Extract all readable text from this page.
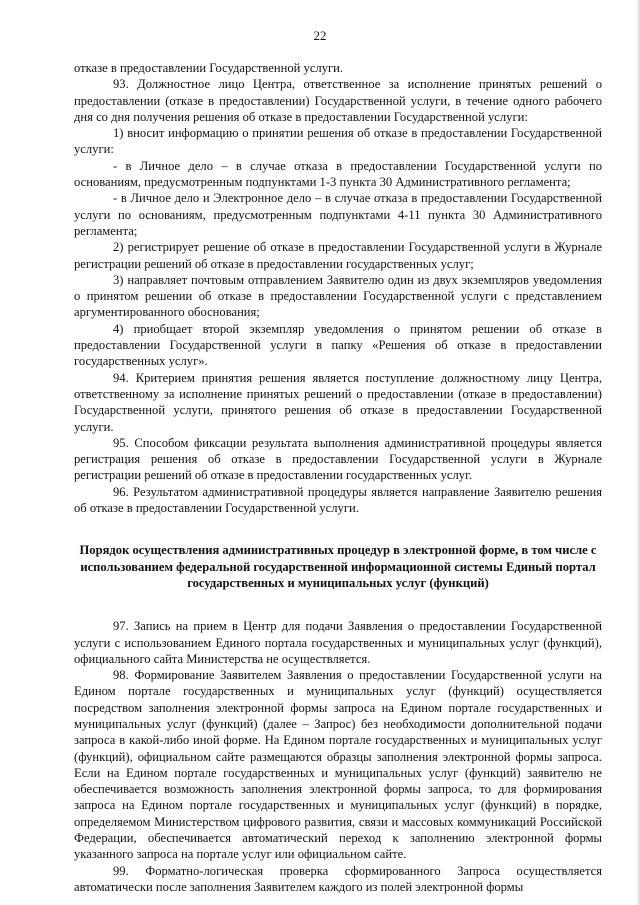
22

отказе в предоставлении Государственной услуги.

93. Должностное лицо Центра, ответственное за исполнение принятых решений о предоставлении (отказе в предоставлении) Государственной услуги, в течение одного рабочего дня со дня получения решения об отказе в предоставлении Государственной услуги:

1) вносит информацию о принятии решения об отказе в предоставлении Государственной услуги:

- в Личное дело – в случае отказа в предоставлении Государственной услуги по основаниям, предусмотренным подпунктами 1-3 пункта 30 Административного регламента;

- в Личное дело и Электронное дело – в случае отказа в предоставлении Государственной услуги по основаниям, предусмотренным подпунктами 4-11 пункта 30 Административного регламента;

2) регистрирует решение об отказе в предоставлении Государственной услуги в Журнале регистрации решений об отказе в предоставлении государственных услуг;

3) направляет почтовым отправлением Заявителю один из двух экземпляров уведомления о принятом решении об отказе в предоставлении Государственной услуги с представлением аргументированного обоснования;

4) приобщает второй экземпляр уведомления о принятом решении об отказе в предоставлении Государственной услуги в папку «Решения об отказе в предоставлении государственных услуг».

94. Критерием принятия решения является поступление должностному лицу Центра, ответственному за исполнение принятых решений о предоставлении (отказе в предоставлении) Государственной услуги, принятого решения об отказе в предоставлении Государственной услуги.

95. Способом фиксации результата выполнения административной процедуры является регистрация решения об отказе в предоставлении Государственной услуги в Журнале регистрации решений об отказе в предоставлении государственных услуг.

96. Результатом административной процедуры является направление Заявителю решения об отказе в предоставлении Государственной услуги.

Порядок осуществления административных процедур в электронной форме, в том числе с использованием федеральной государственной информационной системы Единый портал государственных и муниципальных услуг (функций)

97. Запись на прием в Центр для подачи Заявления о предоставлении Государственной услуги с использованием Единого портала государственных и муниципальных услуг (функций), официального сайта Министерства не осуществляется.

98. Формирование Заявителем Заявления о предоставлении Государственной услуги на Едином портале государственных и муниципальных услуг (функций) осуществляется посредством заполнения электронной формы запроса на Едином портале государственных и муниципальных услуг (функций) (далее – Запрос) без необходимости дополнительной подачи запроса в какой-либо иной форме. На Едином портале государственных и муниципальных услуг (функций), официальном сайте размещаются образцы заполнения электронной формы запроса. Если на Едином портале государственных и муниципальных услуг (функций) заявителю не обеспечивается возможность заполнения электронной формы запроса, то для формирования запроса на Едином портале государственных и муниципальных услуг (функций) в порядке, определяемом Министерством цифрового развития, связи и массовых коммуникаций Российской Федерации, обеспечивается автоматический переход к заполнению электронной формы указанного запроса на портале услуг или официальном сайте.

99. Форматно-логическая проверка сформированного Запроса осуществляется автоматически после заполнения Заявителем каждого из полей электронной формы
